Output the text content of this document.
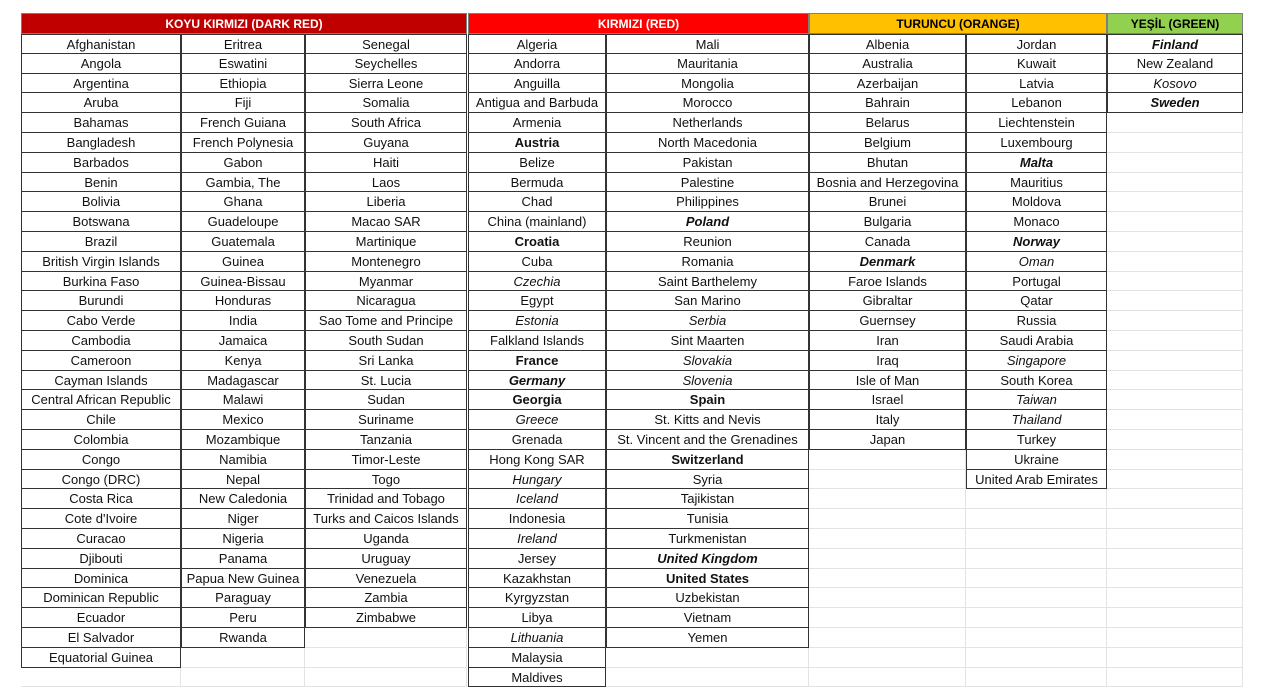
KOYU KIRMIZI (DARK RED)
Afghanistan
Angola
Argentina
Aruba
Bahamas
Bangladesh
Barbados
Benin
Bolivia
Botswana
Brazil
British Virgin Islands
Burkina Faso
Burundi
Cabo Verde
Cambodia
Cameroon
Cayman Islands
Central African Republic
Chile
Colombia
Congo
Congo (DRC)
Costa Rica
Cote d'Ivoire
Curacao
Djibouti
Dominica
Dominican Republic
Ecuador
El Salvador
Equatorial Guinea
Eritrea
Eswatini
Ethiopia
Fiji
French Guiana
French Polynesia
Gabon
Gambia, The
Ghana
Guadeloupe
Guatemala
Guinea
Guinea-Bissau
Honduras
India
Jamaica
Kenya
Madagascar
Malawi
Mexico
Mozambique
Namibia
Nepal
New Caledonia
Niger
Nigeria
Panama
Papua New Guinea
Paraguay
Peru
Rwanda
Senegal
Seychelles
Sierra Leone
Somalia
South Africa
Guyana
Haiti
Laos
Liberia
Macao SAR
Martinique
Montenegro
Myanmar
Nicaragua
Sao Tome and Principe
South Sudan
Sri Lanka
St. Lucia
Sudan
Suriname
Tanzania
Timor-Leste
Togo
Trinidad and Tobago
Turks and Caicos Islands
Uganda
Uruguay
Venezuela
Zambia
Zimbabwe
KIRMIZI (RED)
Algeria
Andorra
Anguilla
Antigua and Barbuda
Armenia
Austria
Belize
Bermuda
Chad
China (mainland)
Croatia
Cuba
Czechia
Egypt
Estonia
Falkland Islands
France
Germany
Georgia
Greece
Grenada
Hong Kong SAR
Hungary
Iceland
Indonesia
Ireland
Jersey
Kazakhstan
Kyrgyzstan
Libya
Lithuania
Malaysia
Maldives
Mali
Mauritania
Mongolia
Morocco
Netherlands
North Macedonia
Pakistan
Palestine
Philippines
Poland
Reunion
Romania
Saint Barthelemy
San Marino
Serbia
Sint Maarten
Slovakia
Slovenia
Spain
St. Kitts and Nevis
St. Vincent and the Grenadines
Switzerland
Syria
Tajikistan
Tunisia
Turkmenistan
United Kingdom
United States
Uzbekistan
Vietnam
Yemen
TURUNCU (ORANGE)
Albenia
Australia
Azerbaijan
Bahrain
Belarus
Belgium
Bhutan
Bosnia and Herzegovina
Brunei
Bulgaria
Canada
Denmark
Faroe Islands
Gibraltar
Guernsey
Iran
Iraq
Isle of Man
Israel
Italy
Japan
Jordan
Kuwait
Latvia
Lebanon
Liechtenstein
Luxembourg
Malta
Mauritius
Moldova
Monaco
Norway
Oman
Portugal
Qatar
Russia
Saudi Arabia
Singapore
South Korea
Taiwan
Thailand
Turkey
Ukraine
United Arab Emirates
YEŞİL (GREEN)
Finland
New Zealand
Kosovo
Sweden
